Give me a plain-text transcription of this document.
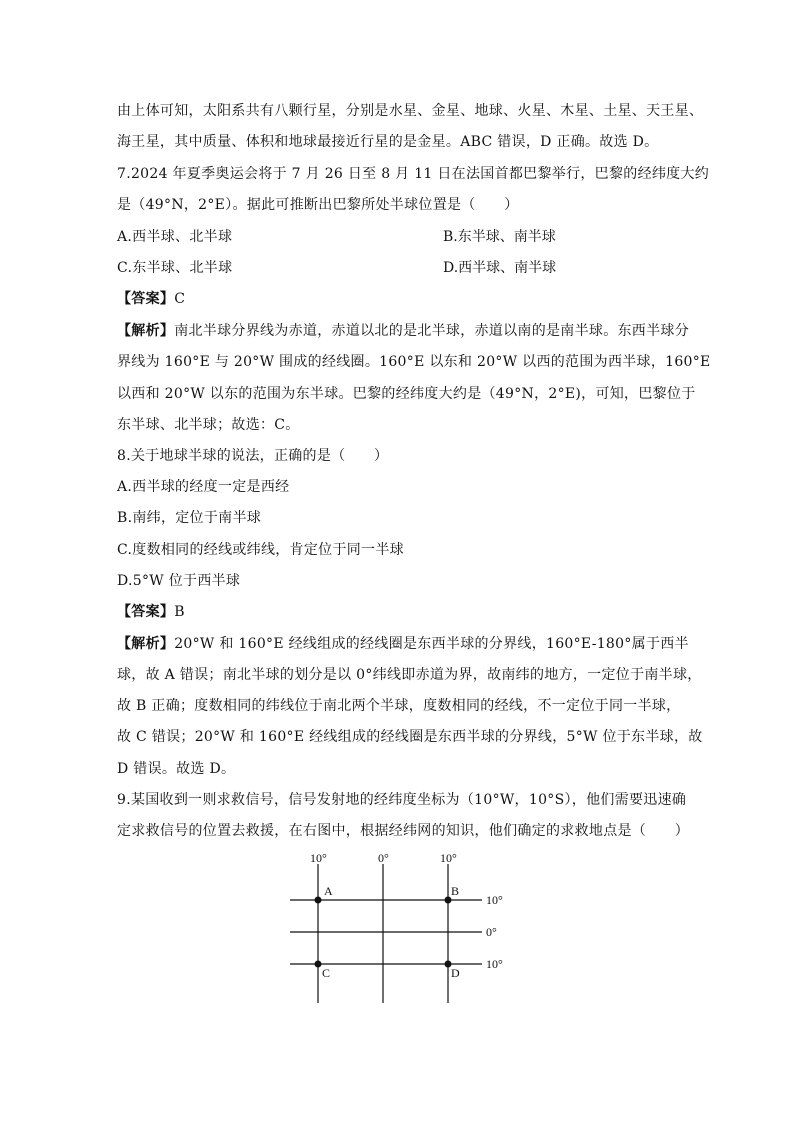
由上体可知，太阳系共有八颗行星，分别是水星、金星、地球、火星、木星、土星、天王星、
海王星，其中质量、体积和地球最接近行星的是金星。ABC 错误，D 正确。故选 D。
7.2024 年夏季奥运会将于 7 月 26 日至 8 月 11 日在法国首都巴黎举行，巴黎的经纬度大约
是（49°N，2°E）。据此可推断出巴黎所处半球位置是（　　）
A.西半球、北半球	B.东半球、南半球
C.东半球、北半球	D.西半球、南半球
【答案】C
【解析】南北半球分界线为赤道，赤道以北的是北半球，赤道以南的是南半球。东西半球分
界线为 160°E 与 20°W 围成的经线圈。160°E 以东和 20°W 以西的范围为西半球，160°E
以西和 20°W 以东的范围为东半球。巴黎的经纬度大约是（49°N，2°E)，可知，巴黎位于
东半球、北半球；故选：C。
8.关于地球半球的说法，正确的是（　　）
A.西半球的经度一定是西经
B.南纬，定位于南半球
C.度数相同的经线或纬线，肯定位于同一半球
D.5°W 位于西半球
【答案】B
【解析】20°W 和 160°E 经线组成的经线圈是东西半球的分界线，160°E-180°属于西半
球，故 A 错误；南北半球的划分是以 0°纬线即赤道为界，故南纬的地方，一定位于南半球，
故 B 正确；度数相同的纬线位于南北两个半球，度数相同的经线，不一定位于同一半球，
故 C 错误；20°W 和 160°E 经线组成的经线圈是东西半球的分界线，5°W 位于东半球，故
D 错误。故选 D。
9.某国收到一则求救信号，信号发射地的经纬度坐标为（10°W，10°S），他们需要迅速确
定求救信号的位置去救援，在右图中，根据经纬网的知识，他们确定的求救地点是（　　）
10°	0°	10°
10°
0°
10°
A	B
C	D
